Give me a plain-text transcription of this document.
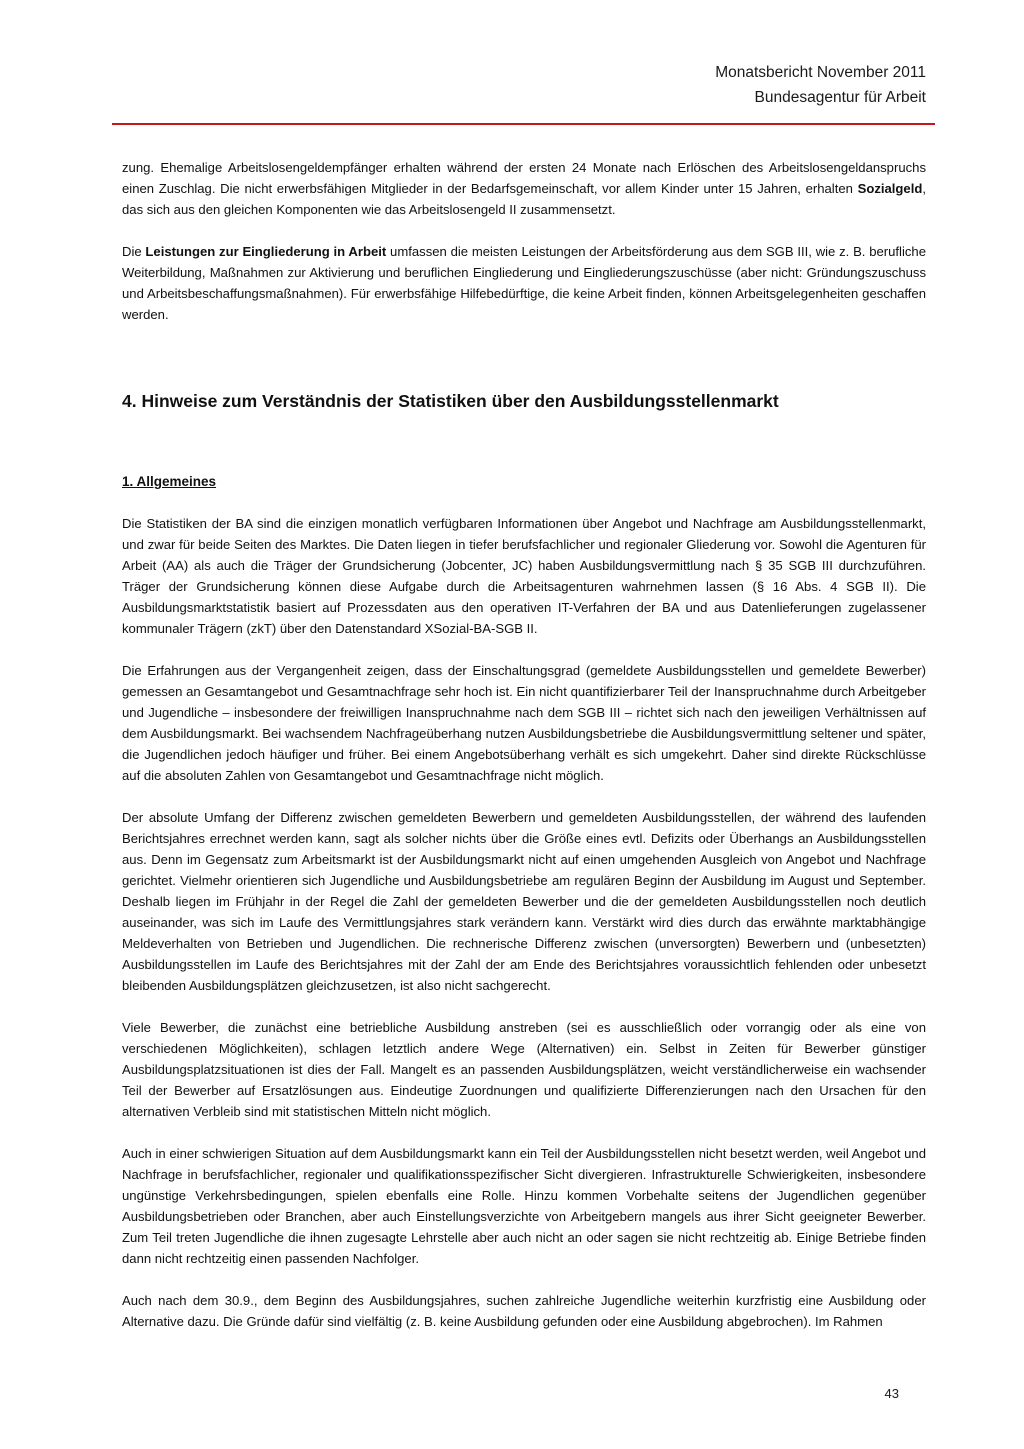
Monatsbericht November 2011
Bundesagentur für Arbeit

zung. Ehemalige Arbeitslosengeldempfänger erhalten während der ersten 24 Monate nach Erlöschen des Arbeitslosengeldanspruchs einen Zuschlag. Die nicht erwerbsfähigen Mitglieder in der Bedarfsgemeinschaft, vor allem Kinder unter 15 Jahren, erhalten Sozialgeld, das sich aus den gleichen Komponenten wie das Arbeitslosengeld II zusammensetzt.

Die Leistungen zur Eingliederung in Arbeit umfassen die meisten Leistungen der Arbeitsförderung aus dem SGB III, wie z. B. berufliche Weiterbildung, Maßnahmen zur Aktivierung und beruflichen Eingliederung und Eingliederungszuschüsse (aber nicht: Gründungszuschuss und Arbeitsbeschaffungsmaßnahmen). Für erwerbsfähige Hilfebedürftige, die keine Arbeit finden, können Arbeitsgelegenheiten geschaffen werden.

4. Hinweise zum Verständnis der Statistiken über den Ausbildungsstellenmarkt
1. Allgemeines

Die Statistiken der BA sind die einzigen monatlich verfügbaren Informationen über Angebot und Nachfrage am Ausbildungsstellenmarkt, und zwar für beide Seiten des Marktes. Die Daten liegen in tiefer berufsfachlicher und regionaler Gliederung vor. Sowohl die Agenturen für Arbeit (AA) als auch die Träger der Grundsicherung (Jobcenter, JC) haben Ausbildungsvermittlung nach § 35 SGB III durchzuführen. Träger der Grundsicherung können diese Aufgabe durch die Arbeitsagenturen wahrnehmen lassen (§ 16 Abs. 4 SGB II). Die Ausbildungsmarktstatistik basiert auf Prozessdaten aus den operativen IT-Verfahren der BA und aus Datenlieferungen zugelassener kommunaler Trägern (zkT) über den Datenstandard XSozial-BA-SGB II.

Die Erfahrungen aus der Vergangenheit zeigen, dass der Einschaltungsgrad (gemeldete Ausbildungsstellen und gemeldete Bewerber) gemessen an Gesamtangebot und Gesamtnachfrage sehr hoch ist. Ein nicht quantifizierbarer Teil der Inanspruchnahme durch Arbeitgeber und Jugendliche – insbesondere der freiwilligen Inanspruchnahme nach dem SGB III – richtet sich nach den jeweiligen Verhältnissen auf dem Ausbildungsmarkt. Bei wachsendem Nachfrageüberhang nutzen Ausbildungsbetriebe die Ausbildungsvermittlung seltener und später, die Jugendlichen jedoch häufiger und früher. Bei einem Angebotsüberhang verhält es sich umgekehrt. Daher sind direkte Rückschlüsse auf die absoluten Zahlen von Gesamtangebot und Gesamtnachfrage nicht möglich.

Der absolute Umfang der Differenz zwischen gemeldeten Bewerbern und gemeldeten Ausbildungsstellen, der während des laufenden Berichtsjahres errechnet werden kann, sagt als solcher nichts über die Größe eines evtl. Defizits oder Überhangs an Ausbildungsstellen aus. Denn im Gegensatz zum Arbeitsmarkt ist der Ausbildungsmarkt nicht auf einen umgehenden Ausgleich von Angebot und Nachfrage gerichtet. Vielmehr orientieren sich Jugendliche und Ausbildungsbetriebe am regulären Beginn der Ausbildung im August und September. Deshalb liegen im Frühjahr in der Regel die Zahl der gemeldeten Bewerber und die der gemeldeten Ausbildungsstellen noch deutlich auseinander, was sich im Laufe des Vermittlungsjahres stark verändern kann. Verstärkt wird dies durch das erwähnte marktabhängige Meldeverhalten von Betrieben und Jugendlichen. Die rechnerische Differenz zwischen (unversorgten) Bewerbern und (unbesetzten) Ausbildungsstellen im Laufe des Berichtsjahres mit der Zahl der am Ende des Berichtsjahres voraussichtlich fehlenden oder unbesetzt bleibenden Ausbildungsplätzen gleichzusetzen, ist also nicht sachgerecht.

Viele Bewerber, die zunächst eine betriebliche Ausbildung anstreben (sei es ausschließlich oder vorrangig oder als eine von verschiedenen Möglichkeiten), schlagen letztlich andere Wege (Alternativen) ein. Selbst in Zeiten für Bewerber günstiger Ausbildungsplatzsituationen ist dies der Fall. Mangelt es an passenden Ausbildungsplätzen, weicht verständlicherweise ein wachsender Teil der Bewerber auf Ersatzlösungen aus. Eindeutige Zuordnungen und qualifizierte Differenzierungen nach den Ursachen für den alternativen Verbleib sind mit statistischen Mitteln nicht möglich.

Auch in einer schwierigen Situation auf dem Ausbildungsmarkt kann ein Teil der Ausbildungsstellen nicht besetzt werden, weil Angebot und Nachfrage in berufsfachlicher, regionaler und qualifikationsspezifischer Sicht divergieren. Infrastrukturelle Schwierigkeiten, insbesondere ungünstige Verkehrsbedingungen, spielen ebenfalls eine Rolle. Hinzu kommen Vorbehalte seitens der Jugendlichen gegenüber Ausbildungsbetrieben oder Branchen, aber auch Einstellungsverzichte von Arbeitgebern mangels aus ihrer Sicht geeigneter Bewerber. Zum Teil treten Jugendliche die ihnen zugesagte Lehrstelle aber auch nicht an oder sagen sie nicht rechtzeitig ab. Einige Betriebe finden dann nicht rechtzeitig einen passenden Nachfolger.

Auch nach dem 30.9., dem Beginn des Ausbildungsjahres, suchen zahlreiche Jugendliche weiterhin kurzfristig eine Ausbildung oder Alternative dazu. Die Gründe dafür sind vielfältig (z. B. keine Ausbildung gefunden oder eine Ausbildung abgebrochen). Im Rahmen

43
